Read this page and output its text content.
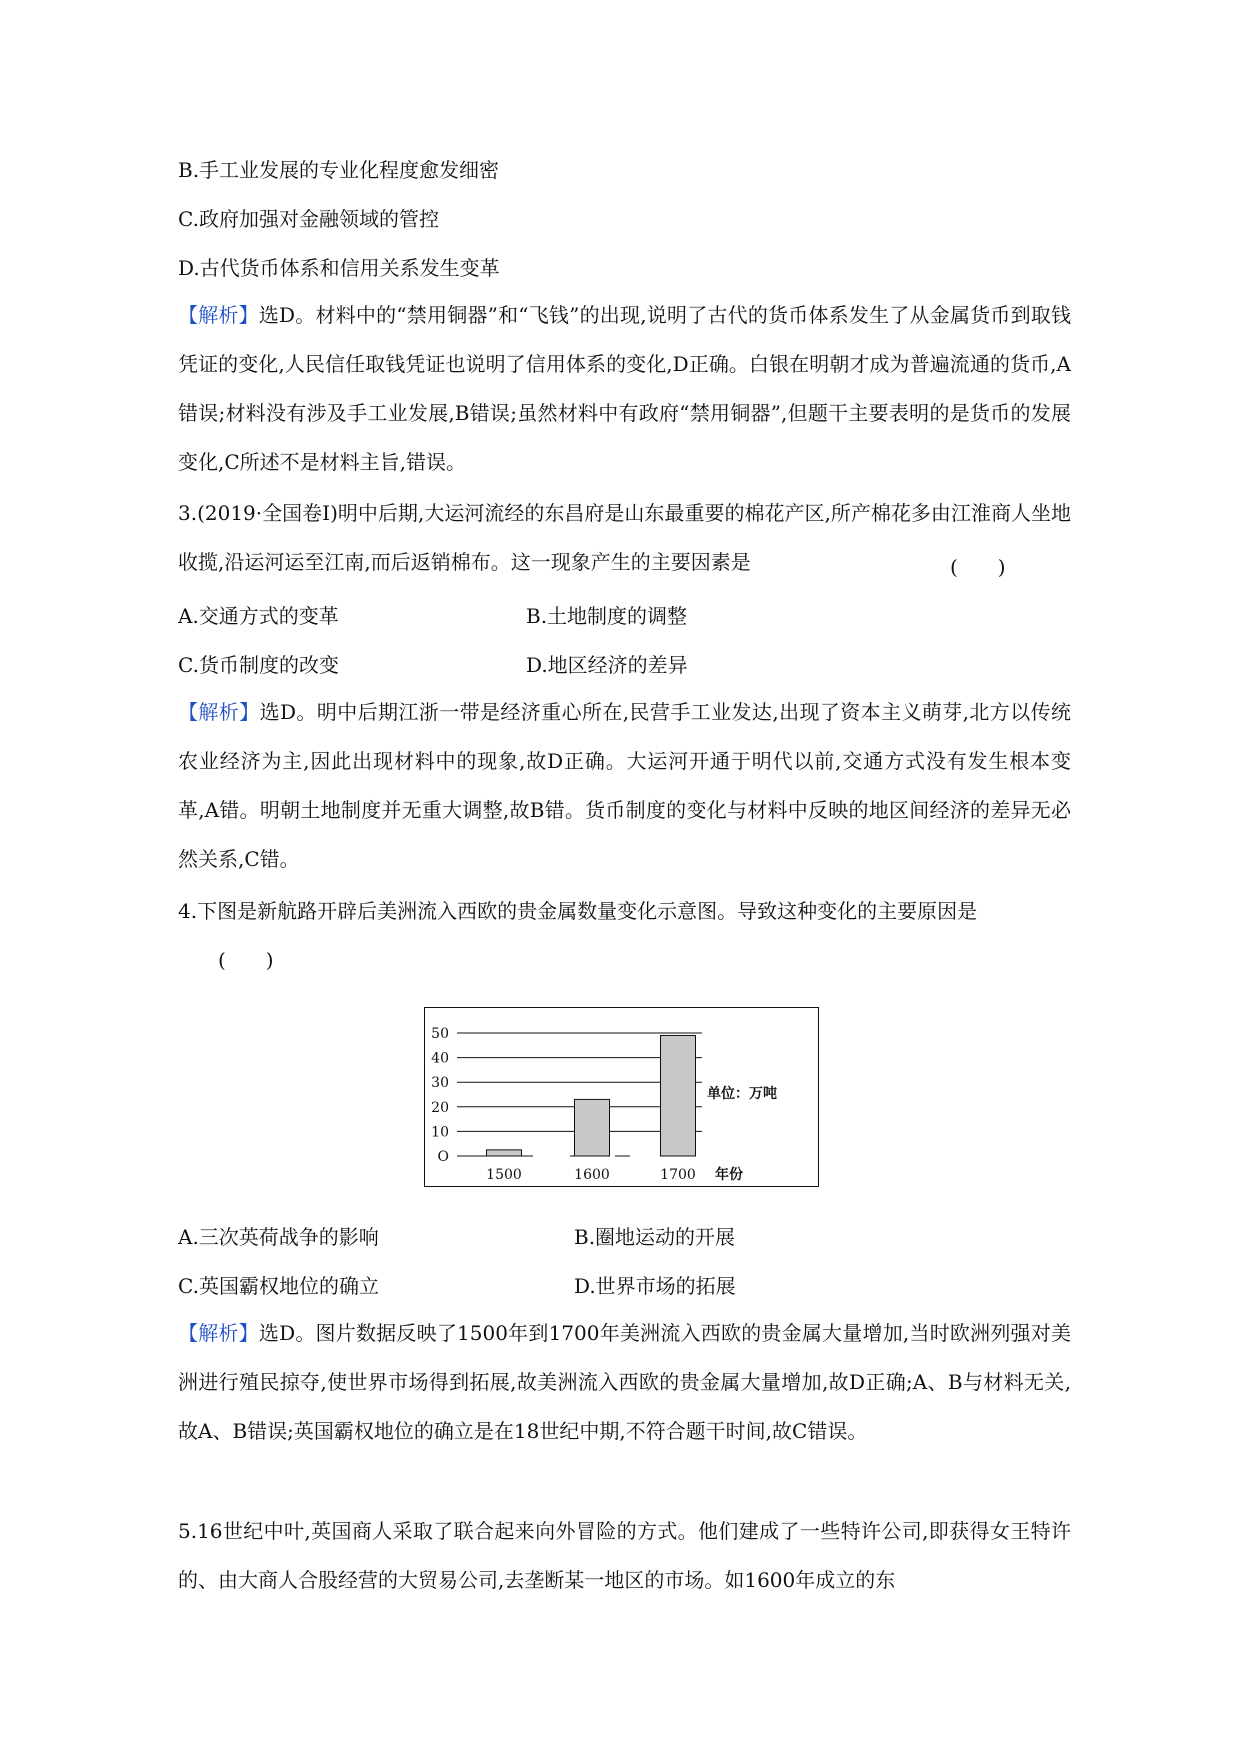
B.手工业发展的专业化程度愈发细密
C.政府加强对金融领域的管控
D.古代货币体系和信用关系发生变革
【解析】选D。材料中的“禁用铜器”和“飞钱”的出现,说明了古代的货币体系发生了从金属货币到取钱凭证的变化,人民信任取钱凭证也说明了信用体系的变化,D正确。白银在明朝才成为普遍流通的货币,A错误;材料没有涉及手工业发展,B错误;虽然材料中有政府“禁用铜器”,但题干主要表明的是货币的发展变化,C所述不是材料主旨,错误。
3.(2019·全国卷Ⅰ)明中后期,大运河流经的东昌府是山东最重要的棉花产区,所产棉花多由江淮商人坐地收揽,沿运河运至江南,而后返销棉布。这一现象产生的主要因素是	(　　)
A.交通方式的变革	B.土地制度的调整
C.货币制度的改变	D.地区经济的差异
【解析】选D。明中后期江浙一带是经济重心所在,民营手工业发达,出现了资本主义萌芽,北方以传统农业经济为主,因此出现材料中的现象,故D正确。大运河开通于明代以前,交通方式没有发生根本变革,A错。明朝土地制度并无重大调整,故B错。货币制度的变化与材料中反映的地区间经济的差异无必然关系,C错。
4.下图是新航路开辟后美洲流入西欧的贵金属数量变化示意图。导致这种变化的主要原因是
(　　)
O
10
20
30
40
50
1500	1600	1700 年份
单位：万吨
A.三次英荷战争的影响	B.圈地运动的开展
C.英国霸权地位的确立	D.世界市场的拓展
【解析】选D。图片数据反映了1500年到1700年美洲流入西欧的贵金属大量增加,当时欧洲列强对美洲进行殖民掠夺,使世界市场得到拓展,故美洲流入西欧的贵金属大量增加,故D正确;A、B与材料无关,故A、B错误;英国霸权地位的确立是在18世纪中期,不符合题干时间,故C错误。
5.16世纪中叶,英国商人采取了联合起来向外冒险的方式。他们建成了一些特许公司,即获得女王特许的、由大商人合股经营的大贸易公司,去垄断某一地区的市场。如1600年成立的东
